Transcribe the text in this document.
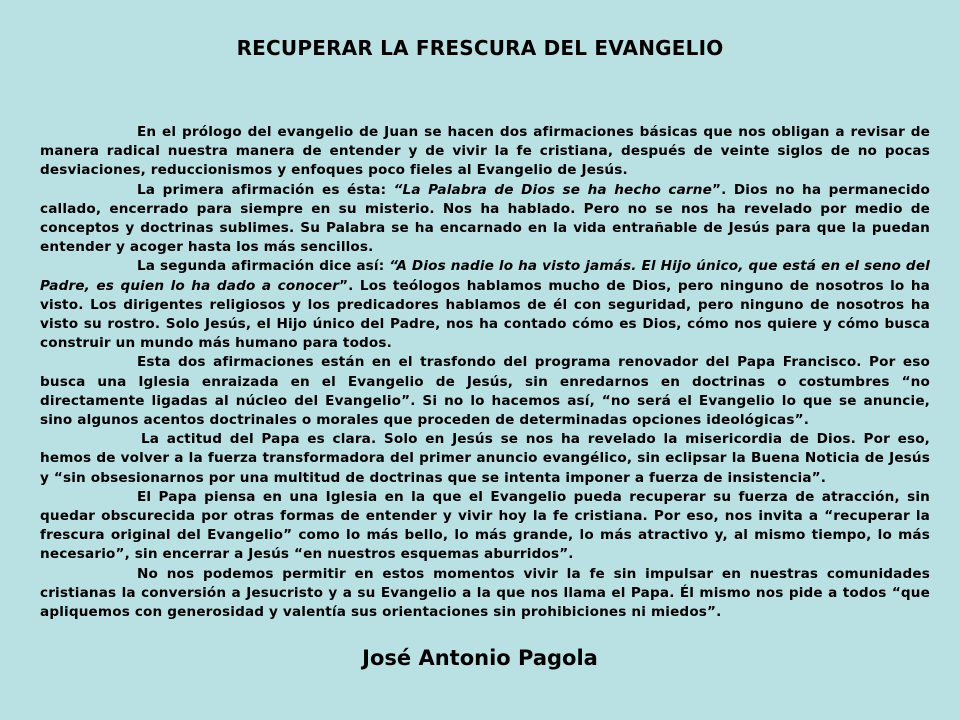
RECUPERAR LA FRESCURA DEL EVANGELIO

En el prólogo del evangelio de Juan se hacen dos afirmaciones básicas que nos obligan a revisar de manera radical nuestra manera de entender y de vivir la fe cristiana, después de veinte siglos de no pocas desviaciones, reduccionismos y enfoques poco fieles al Evangelio de Jesús.

La primera afirmación es ésta: “La Palabra de Dios se ha hecho carne”. Dios no ha permanecido callado, encerrado para siempre en su misterio. Nos ha hablado. Pero no se nos ha revelado por medio de conceptos y doctrinas sublimes. Su Palabra se ha encarnado en la vida entrañable de Jesús para que la puedan entender y acoger hasta los más sencillos.

La segunda afirmación dice así: “A Dios nadie lo ha visto jamás. El Hijo único, que está en el seno del Padre, es quien lo ha dado a conocer”. Los teólogos hablamos mucho de Dios, pero ninguno de nosotros lo ha visto. Los dirigentes religiosos y los predicadores hablamos de él con seguridad, pero ninguno de nosotros ha visto su rostro. Solo Jesús, el Hijo único del Padre, nos ha contado cómo es Dios, cómo nos quiere y cómo busca construir un mundo más humano para todos.

Esta dos afirmaciones están en el trasfondo del programa renovador del Papa Francisco. Por eso busca una Iglesia enraizada en el Evangelio de Jesús, sin enredarnos en doctrinas o costumbres “no directamente ligadas al núcleo del Evangelio”. Si no lo hacemos así, “no será el Evangelio lo que se anuncie, sino algunos acentos doctrinales o morales que proceden de determinadas opciones ideológicas”.

La actitud del Papa es clara. Solo en Jesús se nos ha revelado la misericordia de Dios. Por eso, hemos de volver a la fuerza transformadora del primer anuncio evangélico, sin eclipsar la Buena Noticia de Jesús y “sin obsesionarnos por una multitud de doctrinas que se intenta imponer a fuerza de insistencia”.

El Papa piensa en una Iglesia en la que el Evangelio pueda recuperar su fuerza de atracción, sin quedar obscurecida por otras formas de entender y vivir hoy la fe cristiana. Por eso, nos invita a “recuperar la frescura original del Evangelio” como lo más bello, lo más grande, lo más atractivo y, al mismo tiempo, lo más necesario”, sin encerrar a Jesús “en nuestros esquemas aburridos”.

No nos podemos permitir en estos momentos vivir la fe sin impulsar en nuestras comunidades cristianas la conversión a Jesucristo y a su Evangelio a la que nos llama el Papa. Él mismo nos pide a todos “que apliquemos con generosidad y valentía sus orientaciones sin prohibiciones ni miedos”.

José Antonio Pagola
